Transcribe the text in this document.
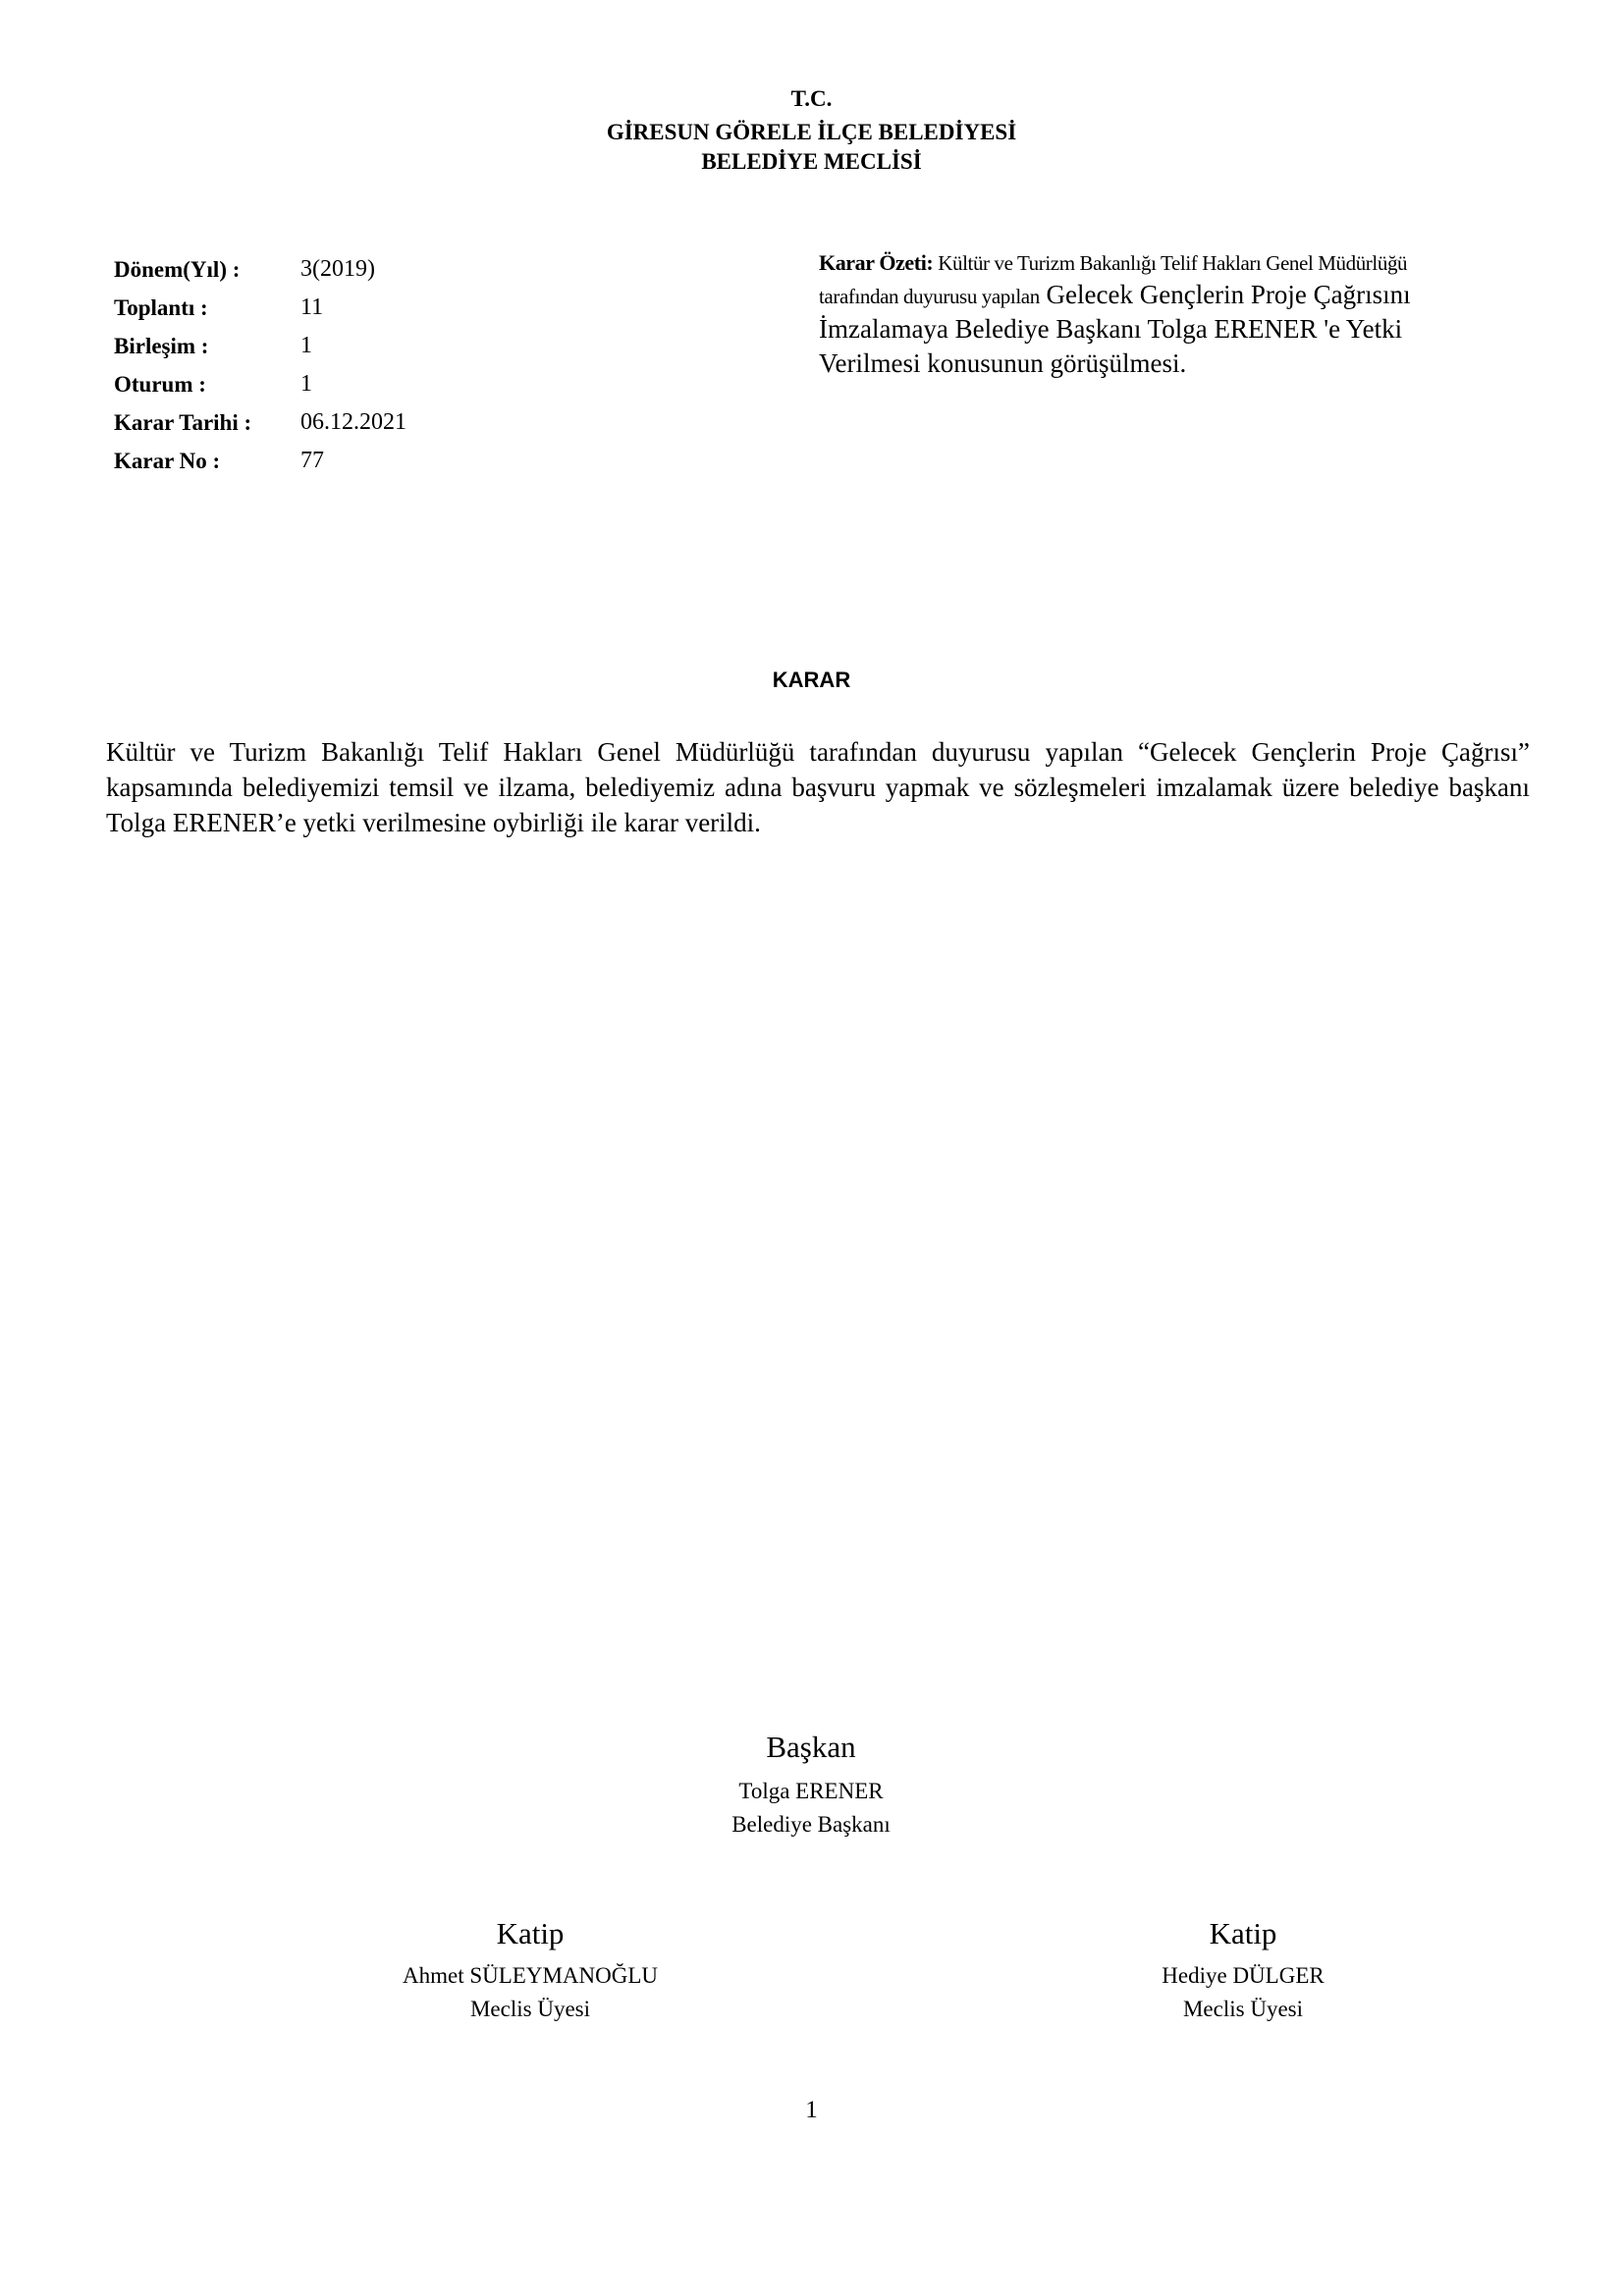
T.C.
GİRESUN GÖRELE İLÇE BELEDİYESİ
BELEDİYE MECLİSİ
Dönem(Yıl) :	3(2019)
Toplantı :	11
Birleşim :	1
Oturum :	1
Karar Tarihi :	06.12.2021
Karar No :	77
Karar Özeti: Kültür ve Turizm Bakanlığı Telif Hakları Genel Müdürlüğü
tarafından duyurusu yapılan Gelecek Gençlerin Proje Çağrısını
İmzalamaya Belediye Başkanı Tolga ERENER 'e Yetki Verilmesi konusunun görüşülmesi.
KARAR
Kültür ve Turizm Bakanlığı Telif Hakları Genel Müdürlüğü tarafından duyurusu yapılan “Gelecek Gençlerin Proje Çağrısı” kapsamında belediyemizi temsil ve ilzama, belediyemiz adına başvuru yapmak ve sözleşmeleri imzalamak üzere belediye başkanı Tolga ERENER’e yetki verilmesine oybirliği ile karar verildi.
Başkan
Tolga ERENER
Belediye Başkanı
Katip
Ahmet SÜLEYMANOĞLU
Meclis Üyesi
Katip
Hediye DÜLGER
Meclis Üyesi
1
